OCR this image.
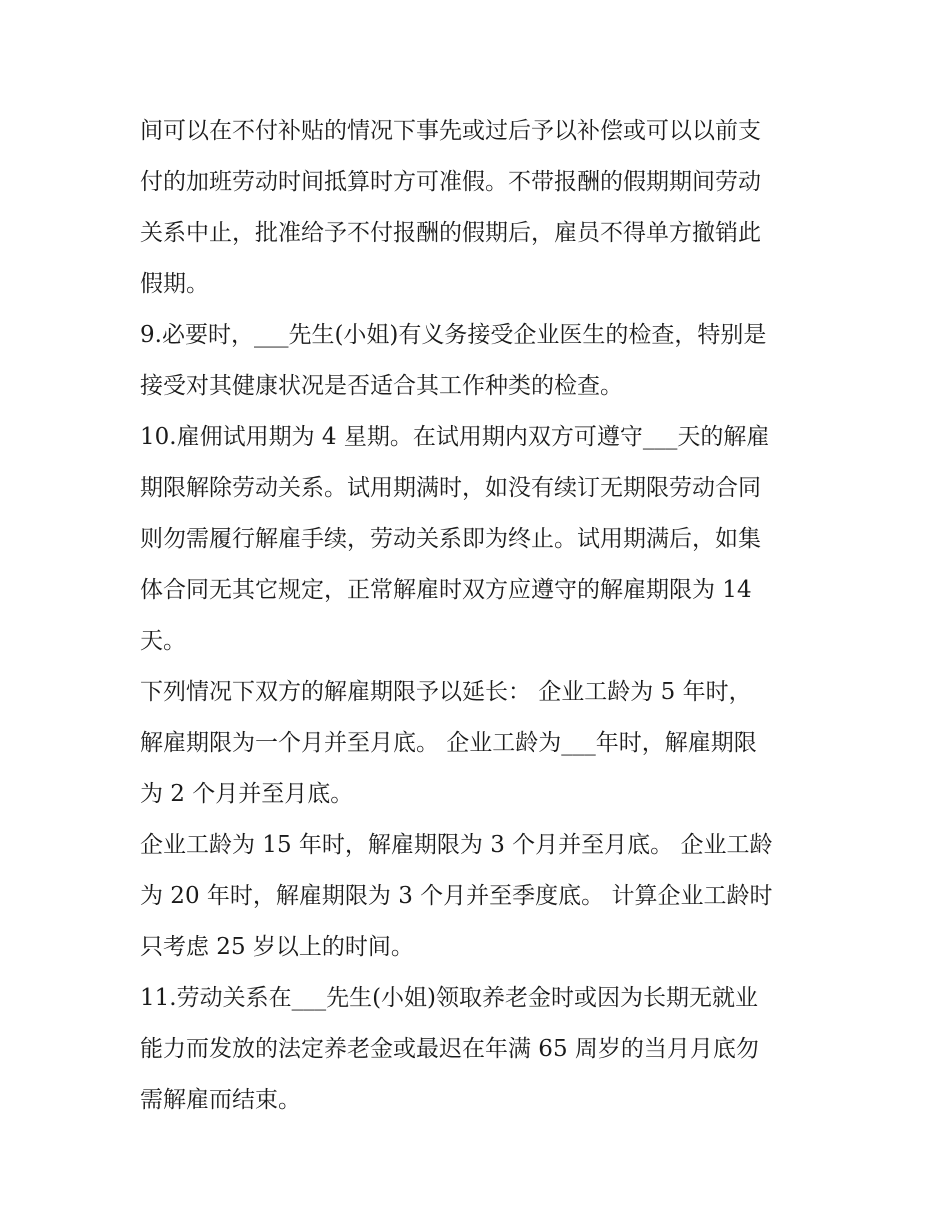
间可以在不付补贴的情况下事先或过后予以补偿或可以以前支
付的加班劳动时间抵算时方可准假。不带报酬的假期期间劳动
关系中止，批准给予不付报酬的假期后，雇员不得单方撤销此
假期。
9.必要时，___先生(小姐)有义务接受企业医生的检查，特别是
接受对其健康状况是否适合其工作种类的检查。
10.雇佣试用期为 4 星期。在试用期内双方可遵守___天的解雇
期限解除劳动关系。试用期满时，如没有续订无期限劳动合同
则勿需履行解雇手续，劳动关系即为终止。试用期满后，如集
体合同无其它规定，正常解雇时双方应遵守的解雇期限为 14
天。
下列情况下双方的解雇期限予以延长： 企业工龄为 5 年时，
解雇期限为一个月并至月底。 企业工龄为___年时，解雇期限
为 2 个月并至月底。
企业工龄为 15 年时，解雇期限为 3 个月并至月底。 企业工龄
为 20 年时，解雇期限为 3 个月并至季度底。 计算企业工龄时
只考虑 25 岁以上的时间。
11.劳动关系在___先生(小姐)领取养老金时或因为长期无就业
能力而发放的法定养老金或最迟在年满 65 周岁的当月月底勿
需解雇而结束。
